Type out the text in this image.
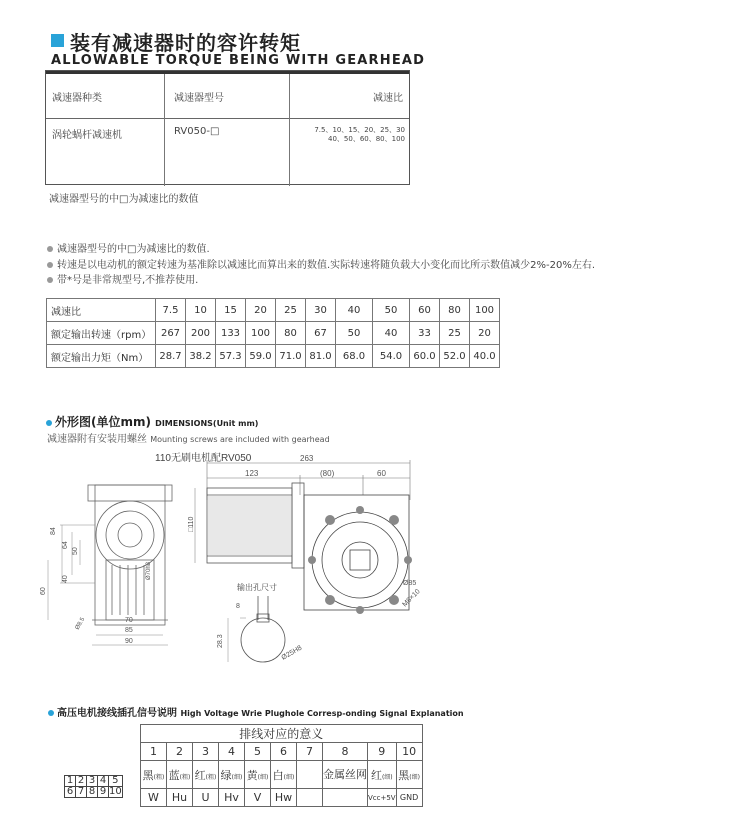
装有减速器时的容许转矩
ALLOWABLE TORQUE BEING WITH GEARHEAD
减速器种类	减速器型号	减速比
涡轮蜗杆减速机	RV050-□	7.5、10、15、20、25、30
40、50、60、80、100
减速器型号的中□为减速比的数值
减速器型号的中□为减速比的数值.
转速是以电动机的额定转速为基准除以减速比而算出来的数值.实际转速将随负载大小变化而比所示数值减少2%-20%左右.
带*号是非常规型号,不推荐使用.
减速比	7.5	10	15	20	25	30	40	50	60	80	100
额定输出转速（rpm）	267	200	133	100	80	67	50	40	33	25	20
额定输出力矩（Nm）	28.7	38.2	57.3	59.0	71.0	81.0	68.0	54.0	60.0	52.0	40.0
外形图(单位mm) DIMENSIONS(Unit mm)
减速器附有安装用螺丝 Mounting screws are included with gearhead
110无刷电机配RV050	263
123	(80)	60
84
64
50
40
60
70
85
90
Ø70h8
Ø8.5
□110
Ø85
M8×10
输出孔尺寸
8
28.3
Ø25H8
高压电机接线插孔信号说明 High Voltage Wrie Plughole Corresp-onding Signal Explanation
排线对应的意义									
1	2	3	4	5	6	7	8	9	10
黑(粗)	蓝(粗)	红(粗)	绿(细)	黄(细)	白(细)		金属丝网	红(细)	黑(细)
W	Hu	U	Hv	V	Hw			Vcc+5V	GND
1	2	3	4	5
6	7	8	9	10
